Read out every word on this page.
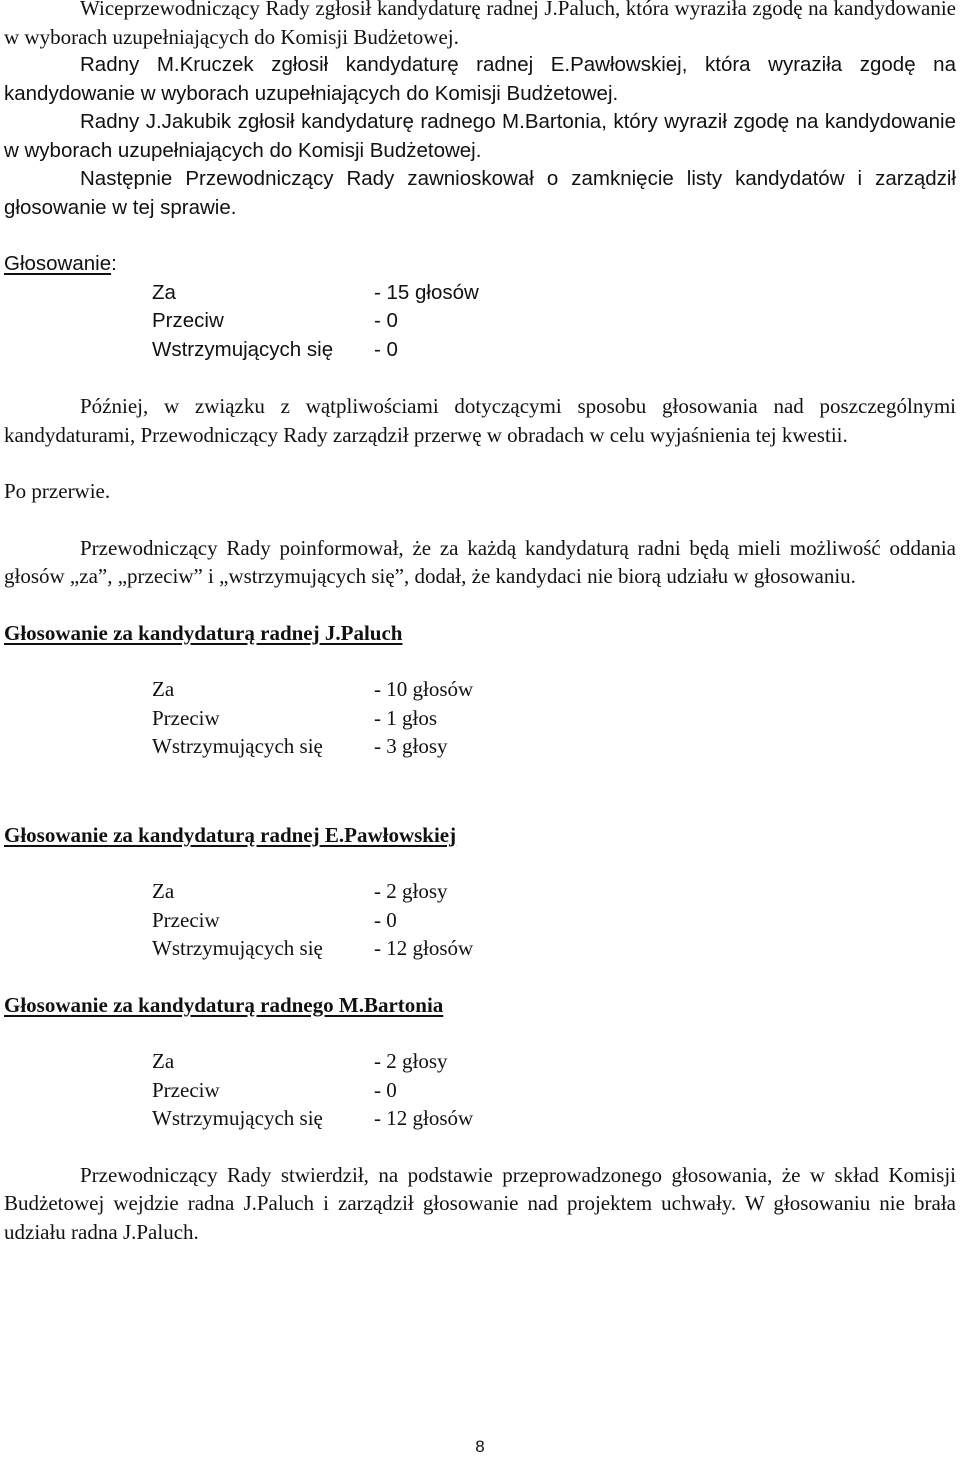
Wiceprzewodniczący Rady zgłosił kandydaturę radnej J.Paluch, która wyraziła zgodę na kandydowanie w wyborach uzupełniających do Komisji Budżetowej.

Radny M.Kruczek zgłosił kandydaturę radnej E.Pawłowskiej, która wyraziła zgodę na kandydowanie w wyborach uzupełniających do Komisji Budżetowej.

Radny J.Jakubik zgłosił kandydaturę radnego M.Bartonia, który wyraził zgodę na kandydowanie w wyborach uzupełniających do Komisji Budżetowej.

Następnie Przewodniczący Rady zawnioskował o zamknięcie listy kandydatów i zarządził głosowanie w tej sprawie.

Głosowanie:
Za	- 15 głosów
Przeciw	- 0
Wstrzymujących się	- 0

Później, w związku z wątpliwościami dotyczącymi sposobu głosowania nad poszczególnymi kandydaturami, Przewodniczący Rady zarządził przerwę w obradach w celu wyjaśnienia tej kwestii.

Po przerwie.

Przewodniczący Rady poinformował, że za każdą kandydaturą radni będą mieli możliwość oddania głosów „za”, „przeciw” i „wstrzymujących się”, dodał, że kandydaci nie biorą udziału w głosowaniu.

Głosowanie za kandydaturą radnej J.Paluch
Za	- 10 głosów
Przeciw	- 1 głos
Wstrzymujących się	- 3 głosy
Głosowanie za kandydaturą radnej E.Pawłowskiej
Za	- 2 głosy
Przeciw	- 0
Wstrzymujących się	- 12 głosów
Głosowanie za kandydaturą radnego M.Bartonia
Za	- 2 głosy
Przeciw	- 0
Wstrzymujących się	- 12 głosów

Przewodniczący Rady stwierdził, na podstawie przeprowadzonego głosowania, że w skład Komisji Budżetowej wejdzie radna J.Paluch i zarządził głosowanie nad projektem uchwały. W głosowaniu nie brała udziału radna J.Paluch.

8
